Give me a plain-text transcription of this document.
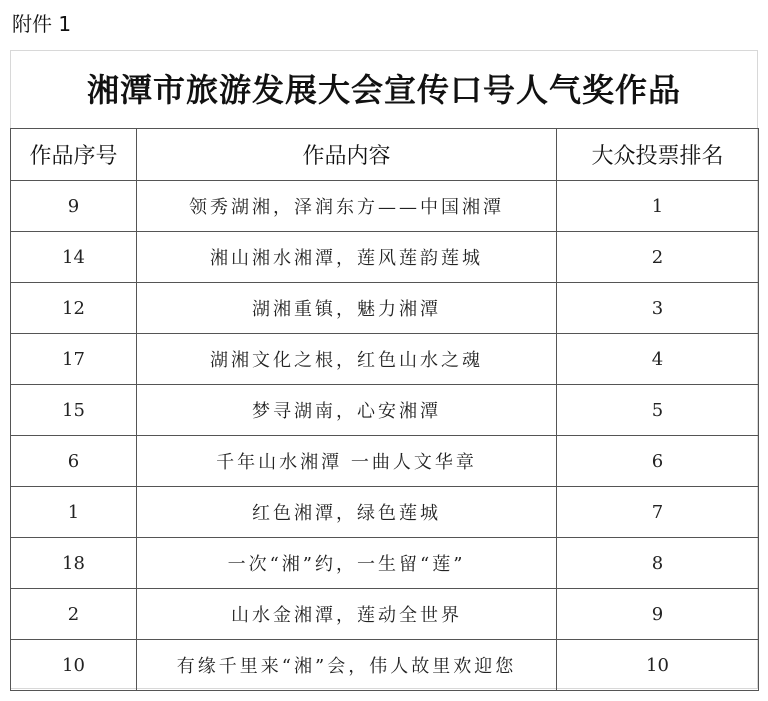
附件 1
湘潭市旅游发展大会宣传口号人气奖作品
作品序号	作品内容	大众投票排名
9	领秀湖湘，泽润东方——中国湘潭	1
14	湘山湘水湘潭，莲风莲韵莲城	2
12	湖湘重镇，魅力湘潭	3
17	湖湘文化之根，红色山水之魂	4
15	梦寻湖南，心安湘潭	5
6	千年山水湘潭 一曲人文华章	6
1	红色湘潭，绿色莲城	7
18	一次“湘”约，一生留“莲”	8
2	山水金湘潭，莲动全世界	9
10	有缘千里来“湘”会，伟人故里欢迎您	10
